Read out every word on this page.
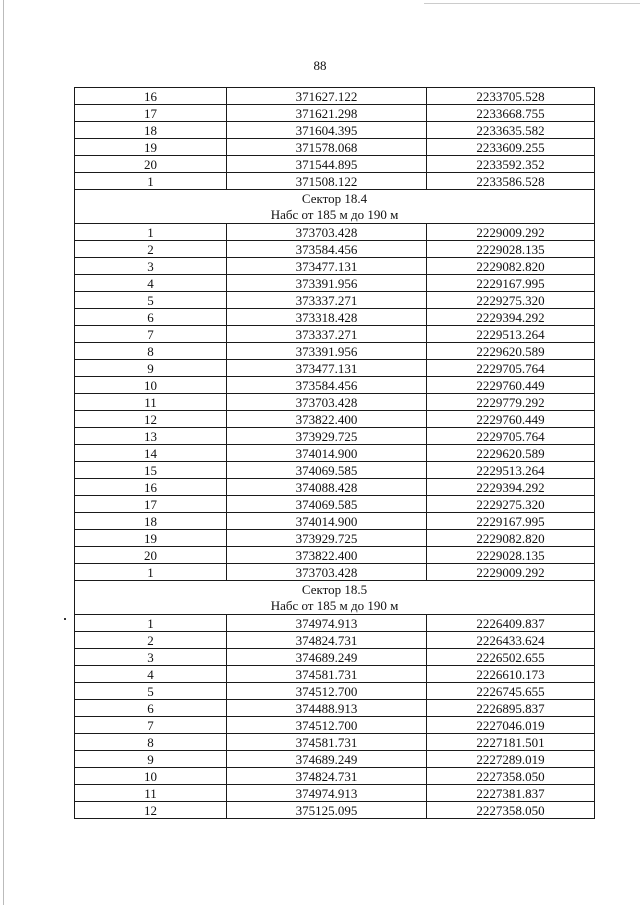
88
16	371627.122	2233705.528
17	371621.298	2233668.755
18	371604.395	2233635.582
19	371578.068	2233609.255
20	371544.895	2233592.352
1	371508.122	2233586.528

Сектор 18.4
Набс от 185 м до 190 м		

1	373703.428	2229009.292
2	373584.456	2229028.135
3	373477.131	2229082.820
4	373391.956	2229167.995
5	373337.271	2229275.320
6	373318.428	2229394.292
7	373337.271	2229513.264
8	373391.956	2229620.589
9	373477.131	2229705.764
10	373584.456	2229760.449
11	373703.428	2229779.292
12	373822.400	2229760.449
13	373929.725	2229705.764
14	374014.900	2229620.589
15	374069.585	2229513.264
16	374088.428	2229394.292
17	374069.585	2229275.320
18	374014.900	2229167.995
19	373929.725	2229082.820
20	373822.400	2229028.135
1	373703.428	2229009.292

Сектор 18.5
Набс от 185 м до 190 м		

1	374974.913	2226409.837
2	374824.731	2226433.624
3	374689.249	2226502.655
4	374581.731	2226610.173
5	374512.700	2226745.655
6	374488.913	2226895.837
7	374512.700	2227046.019
8	374581.731	2227181.501
9	374689.249	2227289.019
10	374824.731	2227358.050
11	374974.913	2227381.837
12	375125.095	2227358.050
